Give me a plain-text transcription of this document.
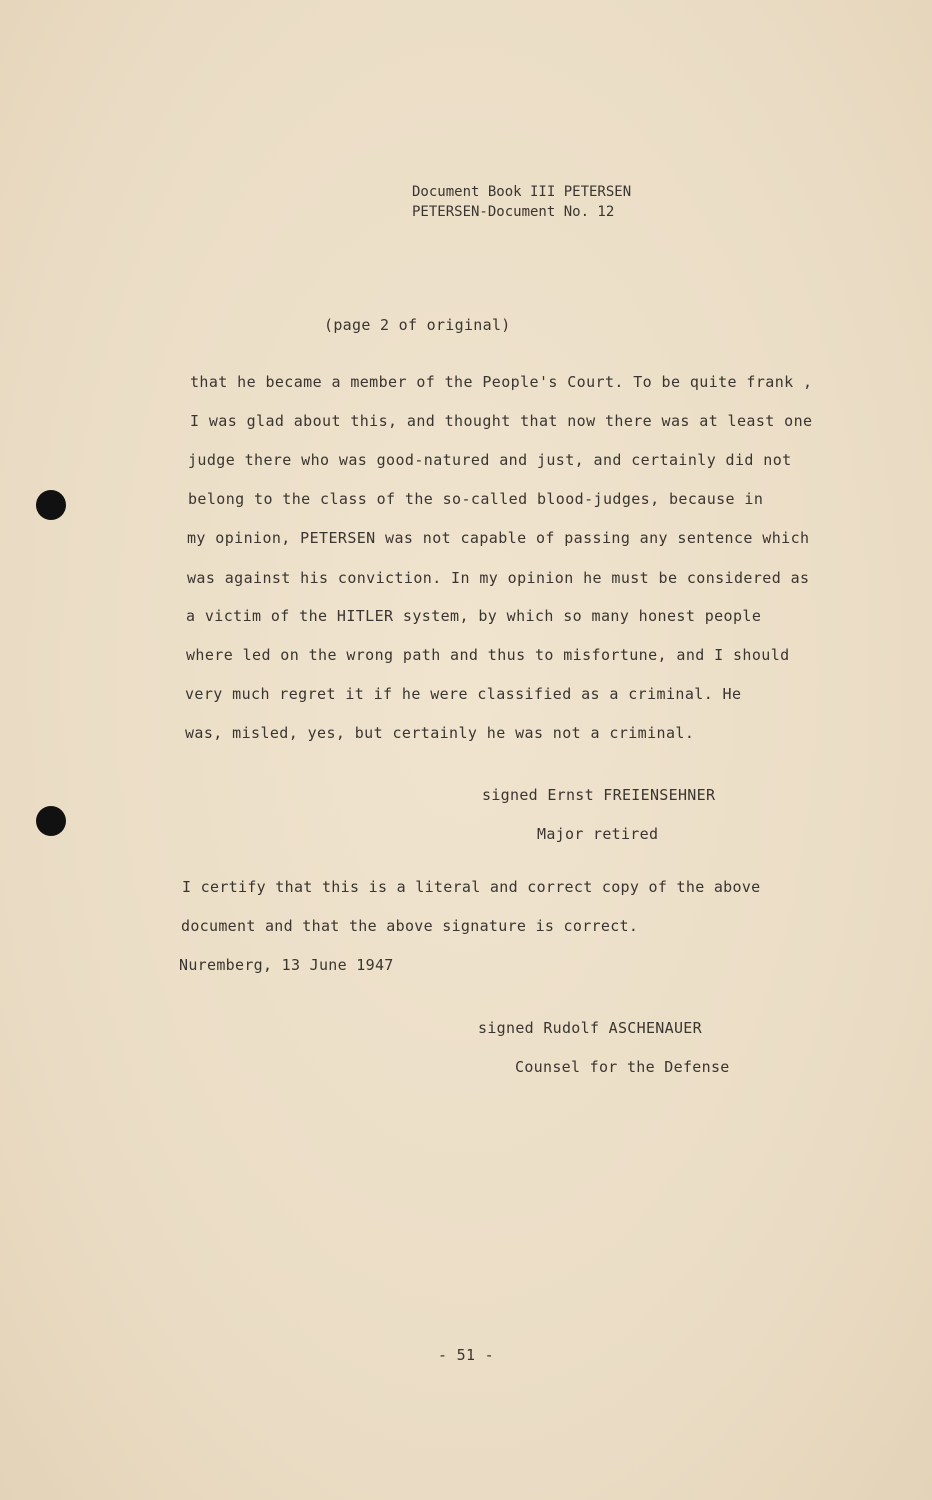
Document Book III PETERSEN
PETERSEN-Document No. 12
(page 2 of original)
that he became a member of the People's Court. To be quite frank ,
I was glad about this, and thought that now there was at least one
judge there who was good-natured and just, and certainly did not
belong to the class of the so-called blood-judges, because in
my opinion, PETERSEN was not capable of passing any sentence which
was against his conviction. In my opinion he must be considered as
a victim of the HITLER system, by which so many honest people
where led on the wrong path and thus to misfortune, and I should
very much regret it if he were classified as a criminal. He
was, misled, yes, but certainly he was not a criminal.
signed Ernst FREIENSEHNER
Major retired
I certify that this is a literal and correct copy of the above
document and that the above signature is correct.
Nuremberg, 13 June 1947
signed Rudolf ASCHENAUER
Counsel for the Defense
- 51 -
